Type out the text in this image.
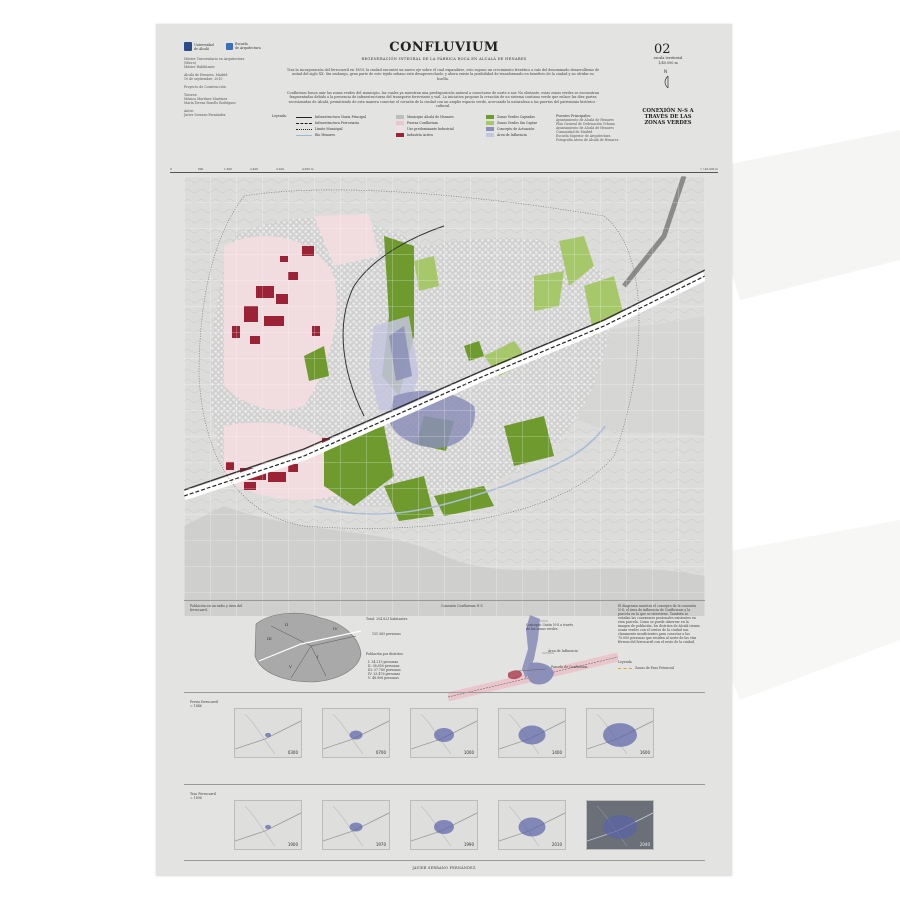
Universidad
de Alcalá
Escuela
de Arquitectura
Máster Universitario en Arquitectura
(Micro)
Máster Habilitante

Alcalá de Henares, Madrid
10 de septiembre, 2015

Proyecto de Construcción

Tutores:
Mónica Martínez Martínez
María Teresa Rosello Rodríguez

Autor:
Javier Serrano Fernández
CONFLUVIUM
REGENERACIÓN INTEGRAL DE LA FÁBRICA ROCA EN ALCALÁ DE HENARES
Tras la incorporación del ferrocarril en 1859, la ciudad encontró un nuevo eje sobre el cual expandirse, esto supuso un crecimiento frenético a raíz del denominado desarrollismo de mitad del siglo XX. Sin embargo, gran parte de este tejido urbano está desaprovechado, y ahora existe la posibilidad de transformarlo en beneficio de la ciudad y no olvidar su huella.
Confluvium busca unir las zonas verdes del municipio, las cuales ya muestran una predisposición natural a conectarse de norte a sur. No obstante, estas zonas verdes se encuentran fragmentadas debido a la presencia de infraestructuras del transporte ferroviario y vial. La iniciativa propone la creación de un sistema continuo verde que enlace las diez partes secesionadas de Alcalá, permitiendo de esta manera conectar el corazón de la ciudad con un amplio espacio verde, acercando la naturaleza a las puertas del patrimonio histórico - cultural.
02
escala territorial
1/40.000 m
N
CONEXIÓN N-S A TRAVÉS DE LAS ZONAS VERDES
Leyenda:	Infraestructura Viaria Principal
Infraestructura Ferroviaria
Límite Municipal
Río Henares
Municipio Alcalá de Henares
Fuerza Confluvium
Uso predominante Industrial
Industria Activa
Zonas Verdes Captadas
Zonas Verdes Sin Captar
Concepto de Actuación
Área de Influencia
Fuentes Principales:
Ayuntamiento de Alcalá de Henares
Plan General de Ordenación Urbana
Ayuntamiento de Alcalá de Henares
Comunidad de Madrid
Escuela Superior de Arquitectura
Fotografía aérea de Alcalá de Henares
0	800	1.600	2.400	3.200	4.000 m	1 / 40.000 m
Población en un radio y área del ferrocarril.
III
II
IV
I
V
Total: 204.823 habitantes
151.565 personas
Población por distritos:
I: 34.213 personas
II: 38.850 personas
III: 37.760 personas
IV: 33.476 personas
V: 48.906 personas
Conexión Confluvium N-S
Concepto Unión N-S a través de las zonas verdes
Área de Influencia
Parcela de Confluvium
El diagrama muestra el concepto de la conexión N-S, el área de influencia de Confluvium y la parcela en la que se interviene. También se señalan las conexiones peatonales existentes en esta parcela. Como se puede observar en la imagen de población, los distritos de Alcalá tienen zonas verdes con el centro de la ciudad son claramente insuficientes para conectar a las 70.000 personas que residen al norte de las vías férreas del ferrocarril con el resto de la ciudad.
Leyenda
Zonas de Paso Potencial
Previo ferrocarril
= 1846
Tras Ferrocarril
= 1896
JAVIER SERRANO FERNÁNDEZ
0300	0700	1000	1400	1600
1900	1970	1990	2010	2040
